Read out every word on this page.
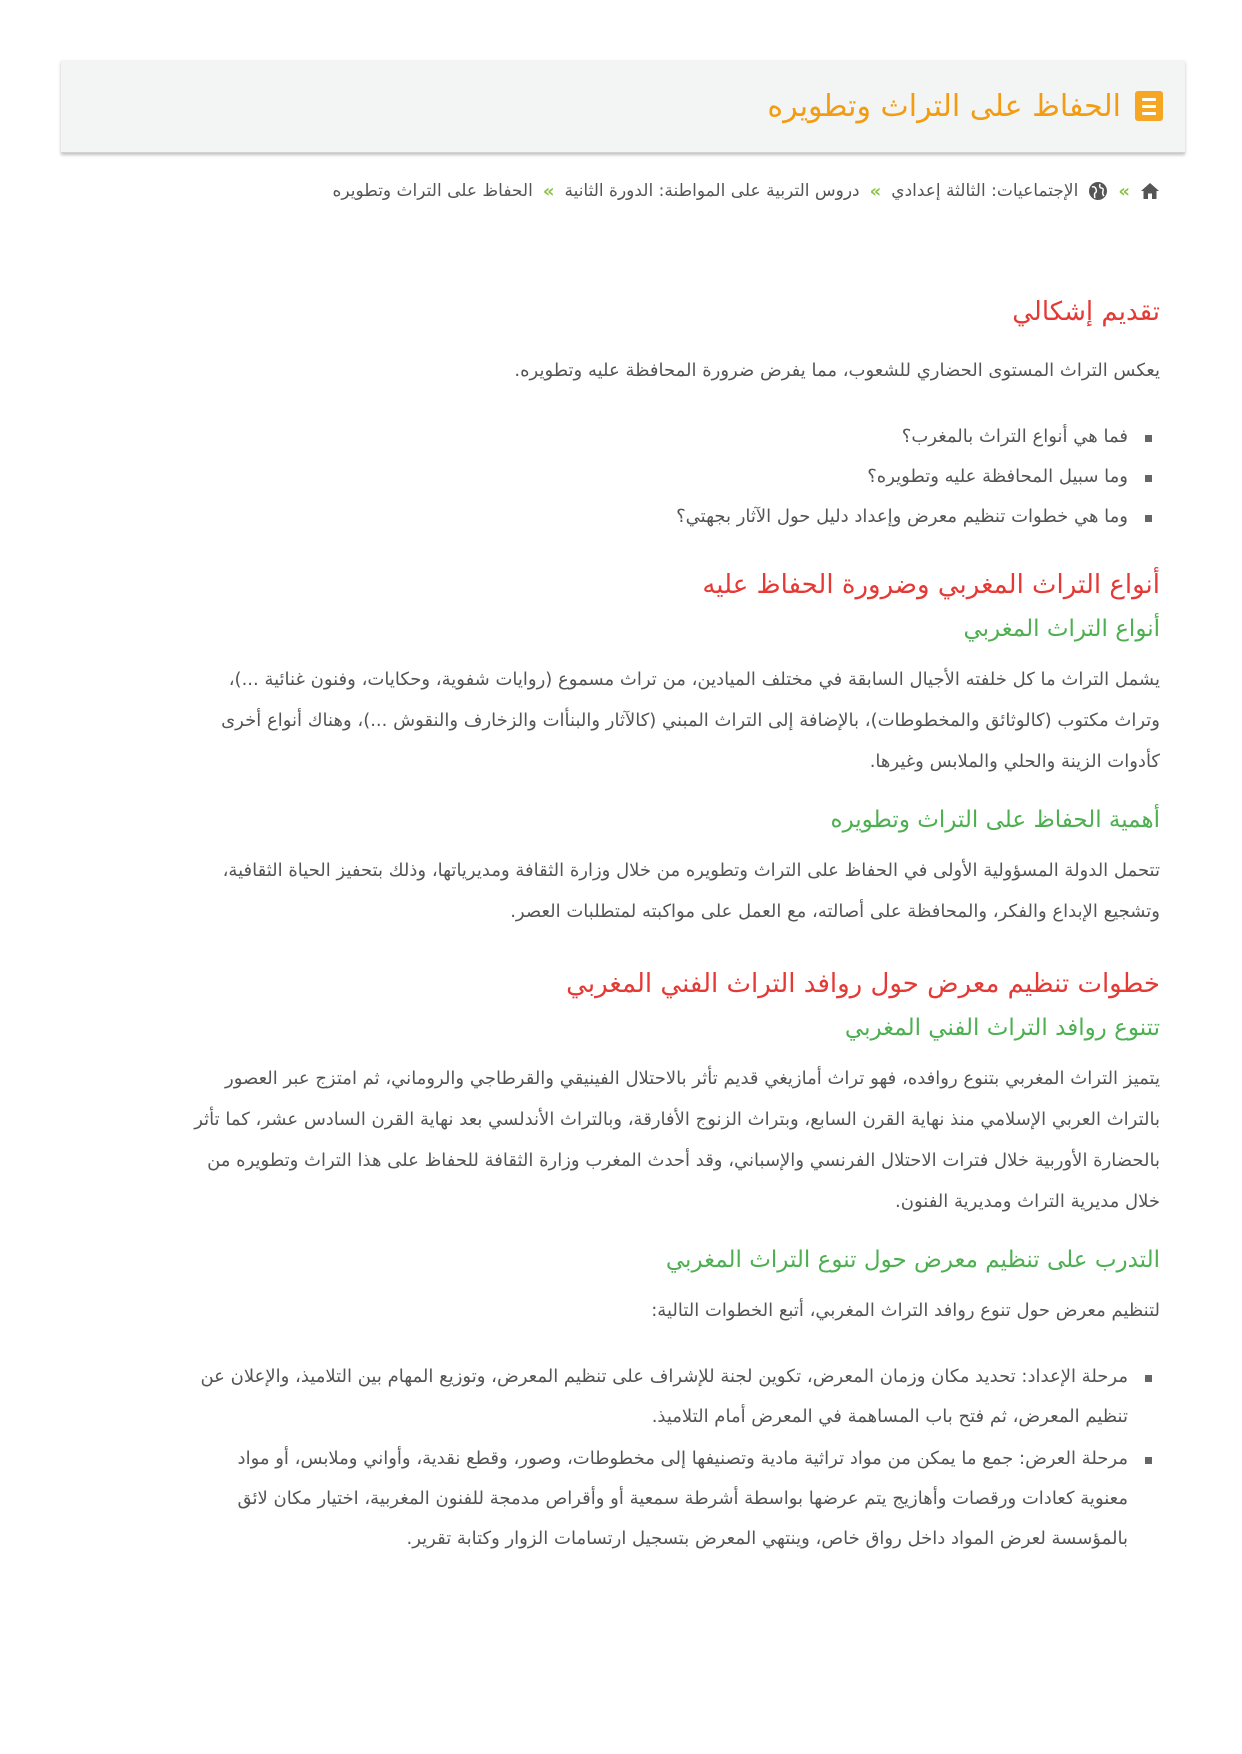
الحفاظ على التراث وتطويره
»
الإجتماعيات: الثالثة إعدادي
»
دروس التربية على المواطنة: الدورة الثانية
»
الحفاظ على التراث وتطويره
تقديم إشكالي

يعكس التراث المستوى الحضاري للشعوب، مما يفرض ضرورة المحافظة عليه وتطويره.

فما هي أنواع التراث بالمغرب؟
وما سبيل المحافظة عليه وتطويره؟
وما هي خطوات تنظيم معرض وإعداد دليل حول الآثار بجهتي؟
أنواع التراث المغربي وضرورة الحفاظ عليه
أنواع التراث المغربي

يشمل التراث ما كل خلفته الأجيال السابقة في مختلف الميادين، من تراث مسموع (روايات شفوية، وحكايات، وفنون غنائية ...)،
وتراث مكتوب (كالوثائق والمخطوطات)، بالإضافة إلى التراث المبني (كالآثار والبنأات والزخارف والنقوش ...)، وهناك أنواع أخرى
كأدوات الزينة والحلي والملابس وغيرها.

أهمية الحفاظ على التراث وتطويره

تتحمل الدولة المسؤولية الأولى في الحفاظ على التراث وتطويره من خلال وزارة الثقافة ومديرياتها، وذلك بتحفيز الحياة الثقافية،
وتشجيع الإبداع والفكر، والمحافظة على أصالته، مع العمل على مواكبته لمتطلبات العصر.

خطوات تنظيم معرض حول روافد التراث الفني المغربي
تتنوع روافد التراث الفني المغربي

يتميز التراث المغربي بتنوع روافده، فهو تراث أمازيغي قديم تأثر بالاحتلال الفينيقي والقرطاجي والروماني، ثم امتزج عبر العصور
بالتراث العربي الإسلامي منذ نهاية القرن السابع، وبتراث الزنوج الأفارقة، وبالتراث الأندلسي بعد نهاية القرن السادس عشر، كما تأثر
بالحضارة الأوربية خلال فترات الاحتلال الفرنسي والإسباني، وقد أحدث المغرب وزارة الثقافة للحفاظ على هذا التراث وتطويره من
خلال مديرية التراث ومديرية الفنون.

التدرب على تنظيم معرض حول تنوع التراث المغربي

لتنظيم معرض حول تنوع روافد التراث المغربي، أتبع الخطوات التالية:

مرحلة الإعداد: تحديد مكان وزمان المعرض، تكوين لجنة للإشراف على تنظيم المعرض، وتوزيع المهام بين التلاميذ، والإعلان عن
تنظيم المعرض، ثم فتح باب المساهمة في المعرض أمام التلاميذ.
مرحلة العرض: جمع ما يمكن من مواد تراثية مادية وتصنيفها إلى مخطوطات، وصور، وقطع نقدية، وأواني وملابس، أو مواد
معنوية كعادات ورقصات وأهازيج يتم عرضها بواسطة أشرطة سمعية أو وأقراص مدمجة للفنون المغربية، اختيار مكان لائق
بالمؤسسة لعرض المواد داخل رواق خاص، وينتهي المعرض بتسجيل ارتسامات الزوار وكتابة تقرير.
